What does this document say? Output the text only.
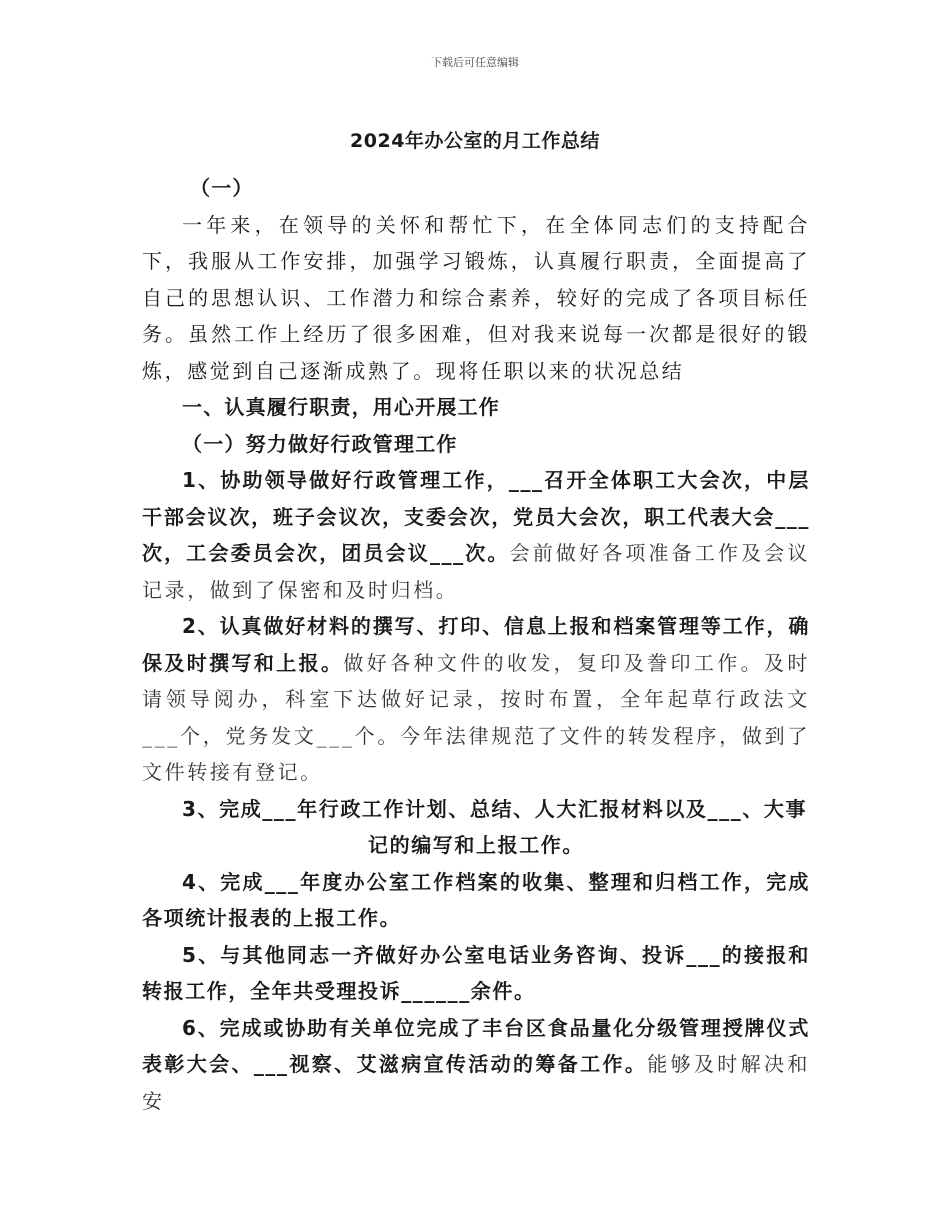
下载后可任意编辑
2024年办公室的月工作总结

（一）

一年来，在领导的关怀和帮忙下，在全体同志们的支持配合下，我服从工作安排，加强学习锻炼，认真履行职责，全面提高了自己的思想认识、工作潜力和综合素养，较好的完成了各项目标任务。虽然工作上经历了很多困难，但对我来说每一次都是很好的锻炼，感觉到自己逐渐成熟了。现将任职以来的状况总结

一、认真履行职责，用心开展工作

（一）努力做好行政管理工作

1、协助领导做好行政管理工作，___召开全体职工大会次，中层干部会议次，班子会议次，支委会次，党员大会次，职工代表大会___次，工会委员会次，团员会议___次。会前做好各项准备工作及会议记录，做到了保密和及时归档。

2、认真做好材料的撰写、打印、信息上报和档案管理等工作，确保及时撰写和上报。做好各种文件的收发，复印及誊印工作。及时请领导阅办，科室下达做好记录，按时布置，全年起草行政法文___个，党务发文___个。今年法律规范了文件的转发程序，做到了文件转接有登记。

3、完成___年行政工作计划、总结、人大汇报材料以及___、大事

记的编写和上报工作。

4、完成___年度办公室工作档案的收集、整理和归档工作，完成各项统计报表的上报工作。

5、与其他同志一齐做好办公室电话业务咨询、投诉___的接报和转报工作，全年共受理投诉______余件。

6、完成或协助有关单位完成了丰台区食品量化分级管理授牌仪式表彰大会、___视察、艾滋病宣传活动的筹备工作。能够及时解决和安
